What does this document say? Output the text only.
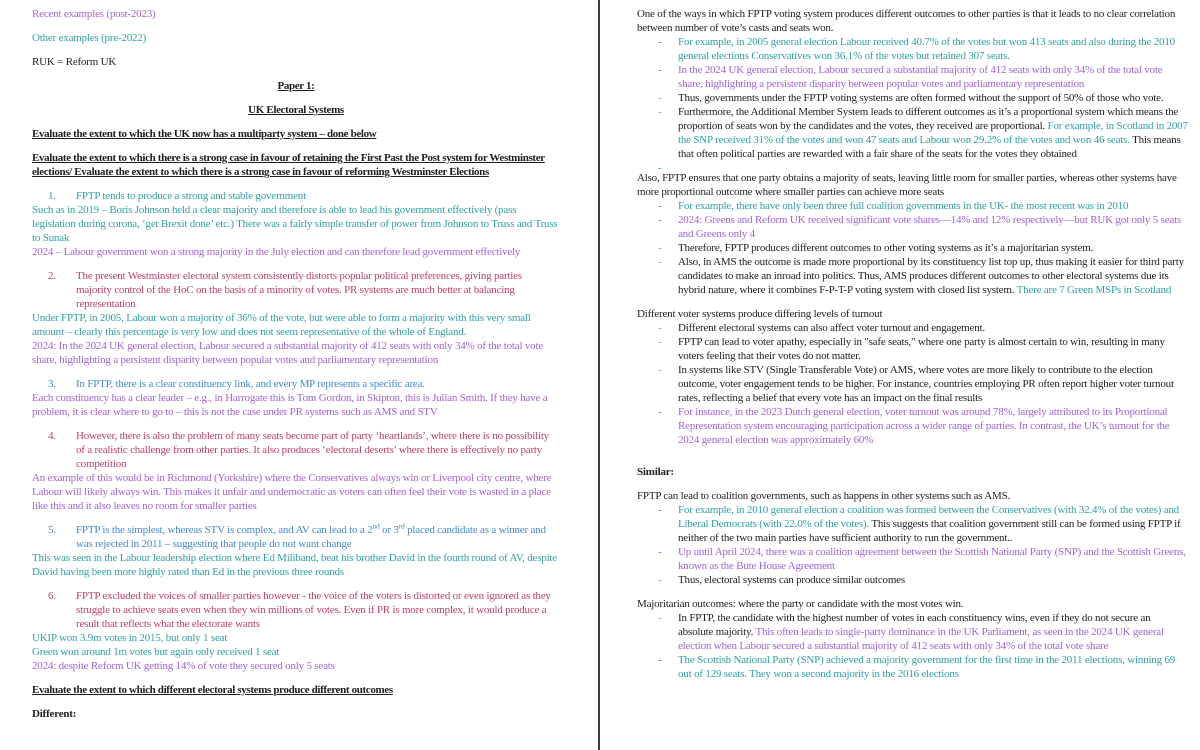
Recent examples (post-2023)
Other examples (pre-2022)
RUK = Reform UK
Paper 1:
UK Electoral Systems
Evaluate the extent to which the UK now has a multiparty system – done below
Evaluate the extent to which there is a strong case in favour of retaining the First Past the Post system for Westminster elections/ Evaluate the extent to which there is a strong case in favour of reforming Westminster Elections
1. FPTP tends to produce a strong and stable government
Such as in 2019 – Boris Johnson held a clear majority and therefore is able to lead his government effectively (pass legislation during corona, ‘get Brexit done’ etc.) There was a fairly simple transfer of power from Johnson to Truss and Truss to Sunak
2024 – Labour government won a strong majority in the July election and can therefore lead government effectively
2. The present Westminster electoral system consistently distorts popular political preferences, giving parties majority control of the HoC on the basis of a minority of votes. PR systems are much better at balancing representation
Under FPTP, in 2005, Labour won a majority of 36% of the vote, but were able to form a majority with this very small amount – clearly this percentage is very low and does not seem representative of the whole of England.
2024: In the 2024 UK general election, Labour secured a substantial majority of 412 seats with only 34% of the total vote share, highlighting a persistent disparity between popular votes and parliamentary representation
3. In FPTP, there is a clear constituency link, and every MP represents a specific area.
Each constituency has a clear leader – e.g., in Harrogate this is Tom Gordon, in Skipton, this is Julian Smith. If they have a problem, it is clear where to go to – this is not the case under PR systems such as AMS and STV
4. However, there is also the problem of many seats become part of party ‘heartlands’, where there is no possibility of a realistic challenge from other parties. It also produces ‘electoral deserts’ where there is effectively no party competition
An example of this would be in Richmond (Yorkshire) where the Conservatives always win or Liverpool city centre, where Labour will likely always win. This makes it unfair and undemocratic as voters can often feel their vote is wasted in a place like this and it also leaves no room for smaller parties
5. FPTP is the simplest, whereas STV is complex, and AV can lead to a 2nd or 3rd placed candidate as a winner and was rejected in 2011 – suggesting that people do not want change
This was seen in the Labour leadership election where Ed Miliband, beat his brother David in the fourth round of AV, despite David having been more highly rated than Ed in the previous three rounds
6. FPTP excluded the voices of smaller parties however - the voice of the voters is distorted or even ignored as they struggle to achieve seats even when they win millions of votes. Even if PR is more complex, it would produce a result that reflects what the electorate wants
UKIP won 3.9m votes in 2015, but only 1 seat
Green won around 1m votes but again only received 1 seat
2024: despite Reform UK getting 14% of vote they secured only 5 seats
Evaluate the extent to which different electoral systems produce different outcomes
Different:
One of the ways in which FPTP voting system produces different outcomes to other parties is that it leads to no clear correlation between number of vote’s casts and seats won.
- For example, in 2005 general election Labour received 40.7% of the votes but won 413 seats and also during the 2010 general elections Conservatives won 36.1% of the votes but retained 307 seats.
- In the 2024 UK general election, Labour secured a substantial majority of 412 seats with only 34% of the total vote share, highlighting a persistent disparity between popular votes and parliamentary representation
- Thus, governments under the FPTP voting systems are often formed without the support of 50% of those who vote.
- Furthermore, the Additional Member System leads to different outcomes as it’s a proportional system which means the proportion of seats won by the candidates and the votes, they received are proportional. For example, in Scotland in 2007 the SNP received 31% of the votes and won 47 seats and Labour won 29.2% of the votes and won 46 seats. This means that often political parties are rewarded with a fair share of the seats for the votes they obtained
-
Also, FPTP ensures that one party obtains a majority of seats, leaving little room for smaller parties, whereas other systems have more proportional outcome where smaller parties can achieve more seats
- For example, there have only been three full coalition governments in the UK- the most recent was in 2010
- 2024: Greens and Reform UK received significant vote shares—14% and 12% respectively—but RUK got only 5 seats and Greens only 4
- Therefore, FPTP produces different outcomes to other voting systems as it’s a majoritarian system.
- Also, in AMS the outcome is made more proportional by its constituency list top up, thus making it easier for third party candidates to make an inroad into politics. Thus, AMS produces different outcomes to other electoral systems due its hybrid nature, where it combines F-P-T-P voting system with closed list system. There are 7 Green MSPs in Scotland
Different voter systems produce differing levels of turnout
- Different electoral systems can also affect voter turnout and engagement.
- FPTP can lead to voter apathy, especially in "safe seats," where one party is almost certain to win, resulting in many voters feeling that their votes do not matter.
- In systems like STV (Single Transferable Vote) or AMS, where votes are more likely to contribute to the election outcome, voter engagement tends to be higher. For instance, countries employing PR often report higher voter turnout rates, reflecting a belief that every vote has an impact on the final results
- For instance, in the 2023 Dutch general election, voter turnout was around 78%, largely attributed to its Proportional Representation system encouraging participation across a wider range of parties. In contrast, the UK’s turnout for the 2024 general election was approximately 60%
Similar:
FPTP can lead to coalition governments, such as happens in other systems such as AMS.
- For example, in 2010 general election a coalition was formed between the Conservatives (with 32.4% of the votes) and Liberal Democrats (with 22.0% of the votes). This suggests that coalition government still can be formed using FPTP if neither of the two main parties have sufficient authority to run the government..
- Up until April 2024, there was a coalition agreement between the Scottish National Party (SNP) and the Scottish Greens, known as the Bute House Agreement
- Thus, electoral systems can produce similar outcomes
Majoritarian outcomes: where the party or candidate with the most votes win.
- In FPTP, the candidate with the highest number of votes in each constituency wins, even if they do not secure an absolute majority. This often leads to single-party dominance in the UK Parliament, as seen in the 2024 UK general election when Labour secured a substantial majority of 412 seats with only 34% of the total vote share
- The Scottish National Party (SNP) achieved a majority government for the first time in the 2011 elections, winning 69 out of 129 seats. They won a second majority in the 2016 elections
